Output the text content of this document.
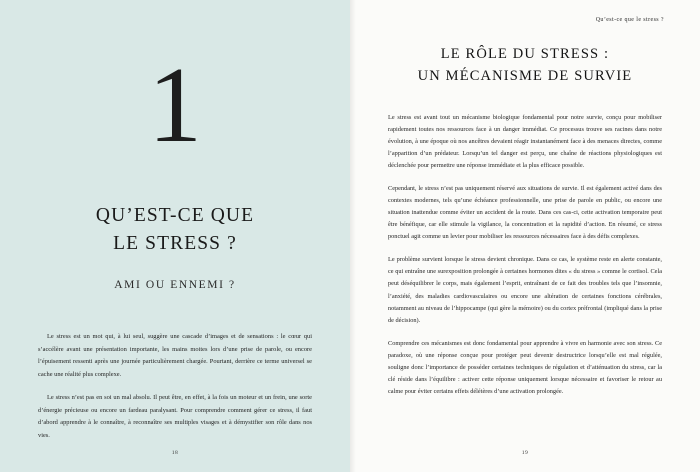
1
QU’EST-CE QUE
LE STRESS ?
AMI OU ENNEMI ?

Le stress est un mot qui, à lui seul, suggère une cascade d’images et de sensations : le cœur qui s’accélère avant une présentation importante, les mains moites lors d’une prise de parole, ou encore l’épuisement ressenti après une journée particulièrement chargée. Pourtant, derrière ce terme universel se cache une réalité plus complexe.

Le stress n’est pas en soi un mal absolu. Il peut être, en effet, à la fois un moteur et un frein, une sorte d’énergie précieuse ou encore un fardeau paralysant. Pour comprendre comment gérer ce stress, il faut d’abord apprendre à le connaître, à reconnaître ses multiples visages et à démystifier son rôle dans nos vies.

18
Qu’est-ce que le stress ?
LE RÔLE DU STRESS :
UN MÉCANISME DE SURVIE

Le stress est avant tout un mécanisme biologique fondamental pour notre survie, conçu pour mobiliser rapidement toutes nos ressources face à un danger immédiat. Ce processus trouve ses racines dans notre évolution, à une époque où nos ancêtres devaient réagir instantanément face à des menaces directes, comme l’apparition d’un prédateur. Lorsqu’un tel danger est perçu, une chaîne de réactions physiologiques est déclenchée pour permettre une réponse immédiate et la plus efficace possible.

Cependant, le stress n’est pas uniquement réservé aux situations de survie. Il est également activé dans des contextes modernes, tels qu’une échéance professionnelle, une prise de parole en public, ou encore une situation inattendue comme éviter un accident de la route. Dans ces cas-ci, cette activation temporaire peut être bénéfique, car elle stimule la vigilance, la concentration et la rapidité d’action. En résumé, ce stress ponctuel agit comme un levier pour mobiliser les ressources nécessaires face à des défis complexes.

Le problème survient lorsque le stress devient chronique. Dans ce cas, le système reste en alerte constante, ce qui entraîne une surexposition prolongée à certaines hormones dites « du stress » comme le cortisol. Cela peut déséquilibrer le corps, mais également l’esprit, entraînant de ce fait des troubles tels que l’insomnie, l’anxiété, des maladies cardiovasculaires ou encore une altération de certaines fonctions cérébrales, notamment au niveau de l’hippocampe (qui gère la mémoire) ou du cortex préfrontal (impliqué dans la prise de décision).

Comprendre ces mécanismes est donc fondamental pour apprendre à vivre en harmonie avec son stress. Ce paradoxe, où une réponse conçue pour protéger peut devenir destructrice lorsqu’elle est mal régulée, souligne donc l’importance de posséder certaines techniques de régulation et d’atténuation du stress, car la clé réside dans l’équilibre : activer cette réponse uniquement lorsque nécessaire et favoriser le retour au calme pour éviter certains effets délétères d’une activation prolongée.

19
